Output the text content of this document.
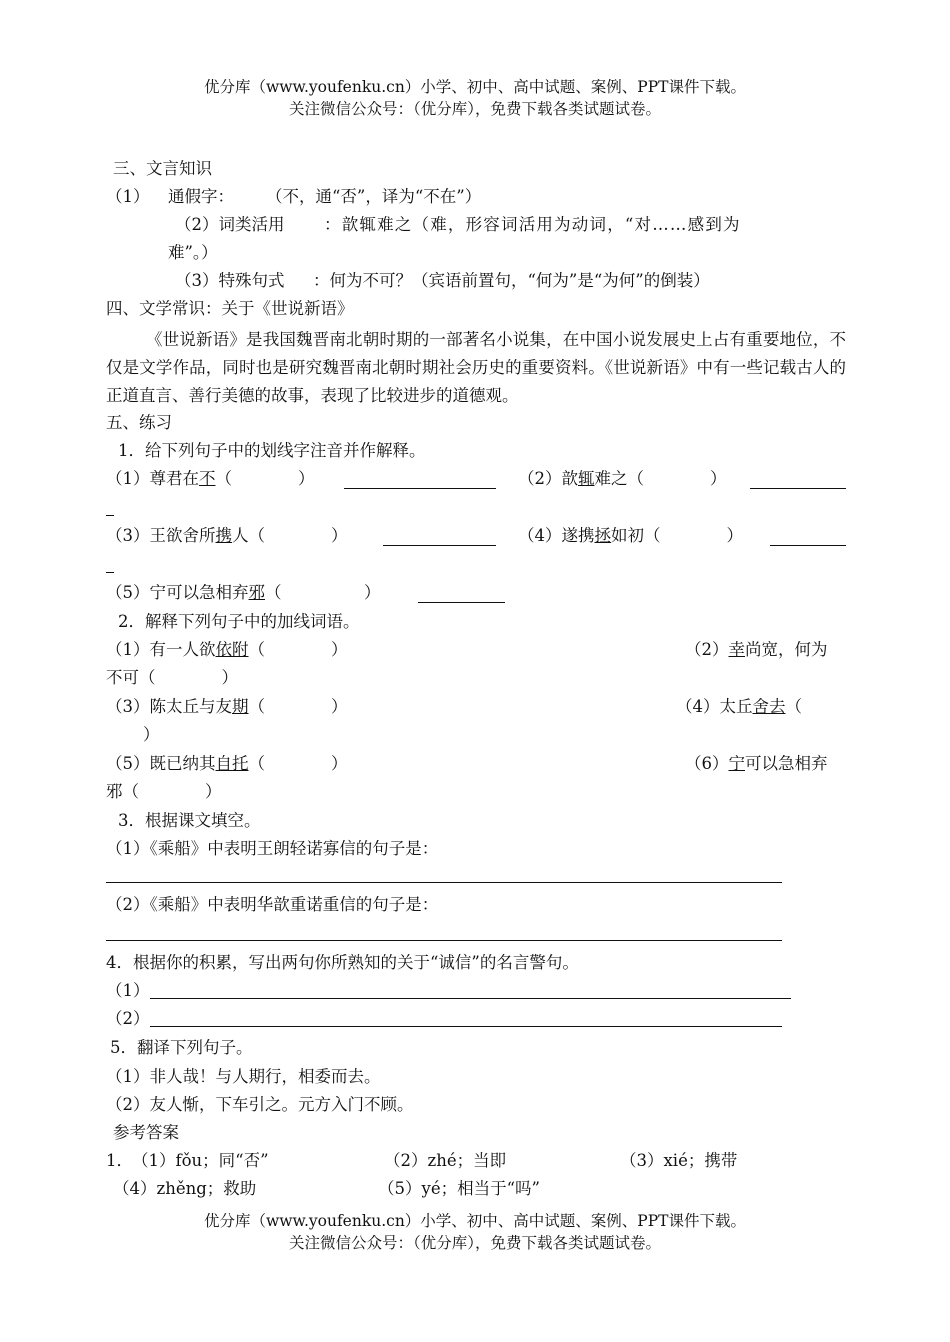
优分库（www.youfenku.cn）小学、初中、高中试题、案例、PPT课件下载。
关注微信公众号：（优分库），免费下载各类试题试卷。
三、文言知识
（1） 通假字： （不，通“否”，译为“不在”）
（2）词类活用 ：歆辄难之（难，形容词活用为动词，“对……感到为
难”。）
（3）特殊句式 ：何为不可？（宾语前置句，“何为”是“为何”的倒装）
四、文学常识：关于《世说新语》
《世说新语》是我国魏晋南北朝时期的一部著名小说集，在中国小说发展史上占有重要地位，不仅是文学作品，同时也是研究魏晋南北朝时期社会历史的重要资料。《世说新语》中有一些记载古人的正道直言、善行美德的故事，表现了比较进步的道德观。
五、练习
1．给下列句子中的划线字注音并作解释。
（1）尊君在不（　　　　）	（2）歆辄难之（　　　　）
（3）王欲舍所携人（　　　　）	（4）遂携拯如初（　　　　）
（5）宁可以急相弃邪（　　　　　）
2．解释下列句子中的加线词语。
（1）有一人欲依附（　　　　）	（2）幸尚宽，何为
不可（　　　　）
（3）陈太丘与友期（　　　　）	（4）太丘舍去（
）
（5）既已纳其自托（　　　　）	（6）宁可以急相弃
邪（　　　　）
3．根据课文填空。
（1）《乘船》中表明王朗轻诺寡信的句子是：
（2）《乘船》中表明华歆重诺重信的句子是：
4．根据你的积累，写出两句你所熟知的关于“诚信”的名言警句。
（1）
（2）
5．翻译下列句子。
（1）非人哉！与人期行，相委而去。
（2）友人惭，下车引之。元方入门不顾。
参考答案
1． （1）fǒu；同“否”	（2）zhé；当即	（3）xié；携带
（4）zhěng；救助	（5）yé；相当于“吗”
优分库（www.youfenku.cn）小学、初中、高中试题、案例、PPT课件下载。
关注微信公众号：（优分库），免费下载各类试题试卷。
